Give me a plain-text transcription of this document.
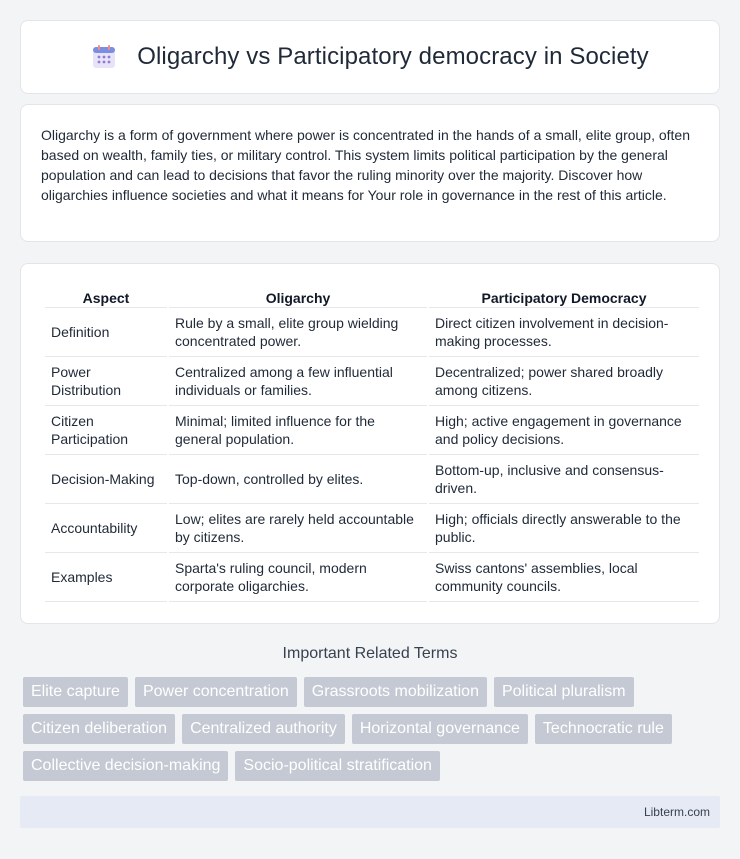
Oligarchy vs Participatory democracy in Society

Oligarchy is a form of government where power is concentrated in the hands of a small, elite group, often based on wealth, family ties, or military control. This system limits political participation by the general population and can lead to decisions that favor the ruling minority over the majority. Discover how oligarchies influence societies and what it means for Your role in governance in the rest of this article.

Aspect	Oligarchy	Participatory Democracy
Definition	Rule by a small, elite group wielding concentrated power.	Direct citizen involvement in decision-making processes.
Power Distribution	Centralized among a few influential individuals or families.	Decentralized; power shared broadly among citizens.
Citizen Participation	Minimal; limited influence for the general population.	High; active engagement in governance and policy decisions.
Decision-Making	Top-down, controlled by elites.	Bottom-up, inclusive and consensus-driven.
Accountability	Low; elites are rarely held accountable by citizens.	High; officials directly answerable to the public.
Examples	Sparta's ruling council, modern corporate oligarchies.	Swiss cantons' assemblies, local community councils.
Important Related Terms
Elite capture	Power concentration	Grassroots mobilization	Political pluralism
Citizen deliberation	Centralized authority	Horizontal governance	Technocratic rule
Collective decision-making	Socio-political stratification
Libterm.com
